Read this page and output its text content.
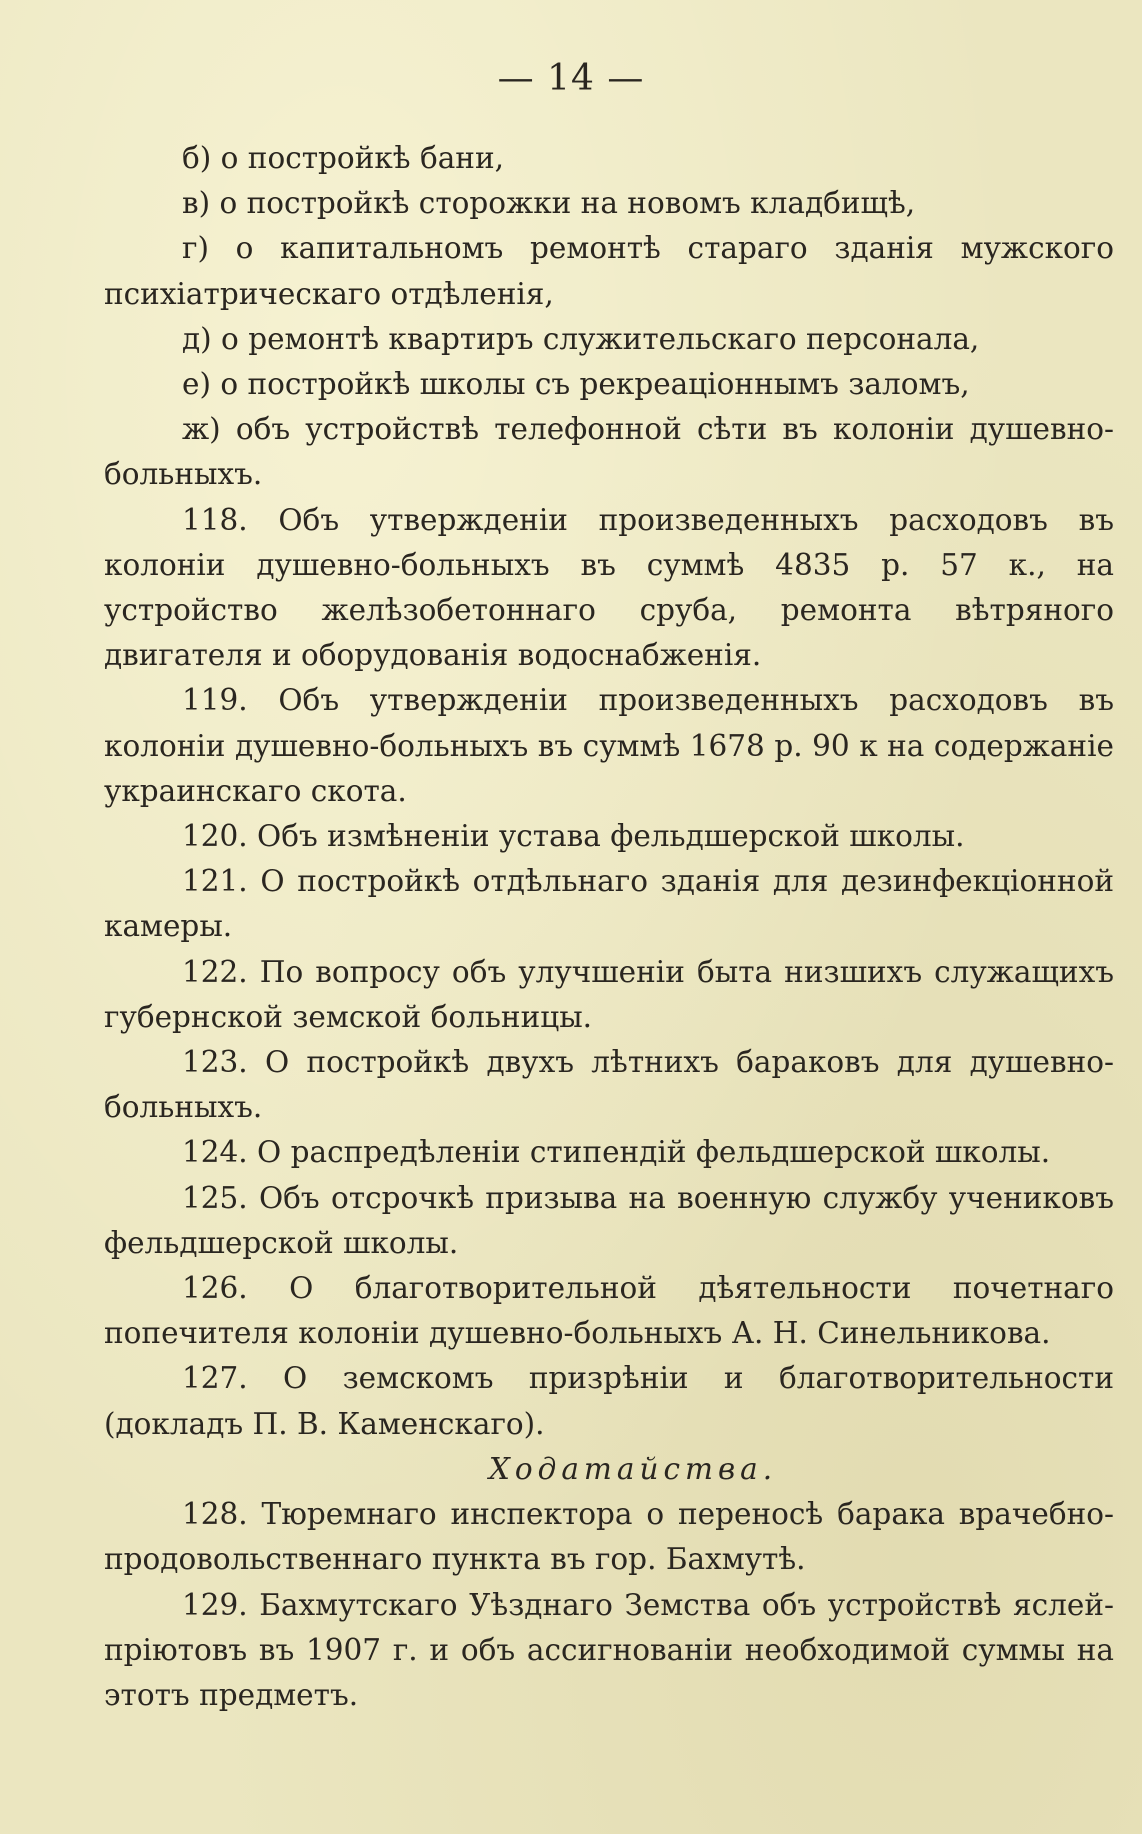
— 14 —

б) о постройкѣ бани,

в) о постройкѣ сторожки на новомъ кладбищѣ,

г) о капитальномъ ремонтѣ стараго зданія мужского психіатрическаго отдѣленія,

д) о ремонтѣ квартиръ служительскаго персонала,

е) о постройкѣ школы съ рекреаціоннымъ заломъ,

ж) объ устройствѣ телефонной сѣти въ колоніи душевно-больныхъ.

118. Объ утвержденіи произведенныхъ расходовъ въ колоніи душевно-больныхъ въ суммѣ 4835 р. 57 к., на устройство желѣзобетоннаго сруба, ремонта вѣтряного двигателя и оборудованія водоснабженія.

119. Объ утвержденіи произведенныхъ расходовъ въ колоніи душевно-больныхъ въ суммѣ 1678 р. 90 к на содержаніе украинскаго скота.

120. Объ измѣненіи устава фельдшерской школы.

121. О постройкѣ отдѣльнаго зданія для дезинфекціонной камеры.

122. По вопросу объ улучшеніи быта низшихъ служащихъ губернской земской больницы.

123. О постройкѣ двухъ лѣтнихъ бараковъ для душевно-больныхъ.

124. О распредѣленіи стипендій фельдшерской школы.

125. Объ отсрочкѣ призыва на военную службу учениковъ фельдшерской школы.

126. О благотворительной дѣятельности почетнаго попечителя колоніи душевно-больныхъ А. Н. Синельникова.

127. О земскомъ призрѣніи и благотворительности (докладъ П. В. Каменскаго).

Ходатайства.

128. Тюремнаго инспектора о переносѣ барака врачебно-продовольственнаго пункта въ гор. Бахмутѣ.

129. Бахмутскаго Уѣзднаго Земства объ устройствѣ яслей-пріютовъ въ 1907 г. и объ ассигнованіи необходимой суммы на этотъ предметъ.
